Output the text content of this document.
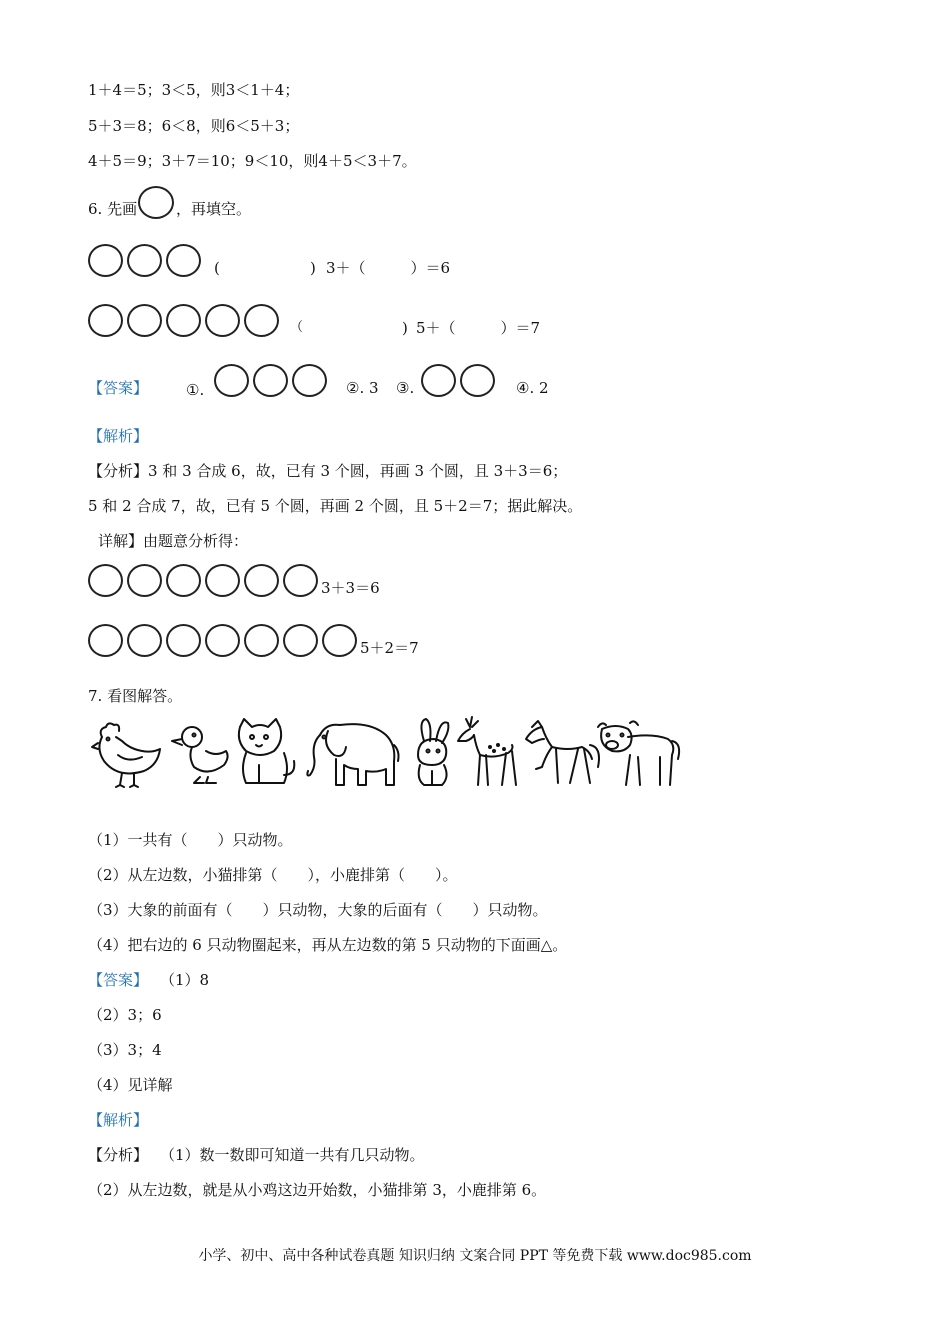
1＋4＝5；3＜5，则3＜1＋4；
5＋3＝8；6＜8，则6＜5＋3；
4＋5＝9；3＋7＝10；9＜10，则4＋5＜3＋7。
6. 先画	，再填空。
(	) 3＋（　　　）＝6
（	) 5＋（　　　）＝7
【答案】	①.	②. 3 ③.	④. 2
【解析】
【分析】3 和 3 合成 6，故，已有 3 个圆，再画 3 个圆，且 3＋3＝6；
5 和 2 合成 7，故，已有 5 个圆，再画 2 个圆，且 5＋2＝7；据此解决。
详解】由题意分析得：
3＋3＝6
5＋2＝7
7. 看图解答。
（1）一共有（　　）只动物。
（2）从左边数，小猫排第（　　），小鹿排第（　　）。
（3）大象的前面有（　　）只动物，大象的后面有（　　）只动物。
（4）把右边的 6 只动物圈起来，再从左边数的第 5 只动物的下面画△。
【答案】 （1）8
（2）3；6
（3）3；4
（4）见详解
【解析】
【分析】 （1）数一数即可知道一共有几只动物。
（2）从左边数，就是从小鸡这边开始数，小猫排第 3，小鹿排第 6。
小学、初中、高中各种试卷真题 知识归纳 文案合同 PPT 等免费下载 www.doc985.com
